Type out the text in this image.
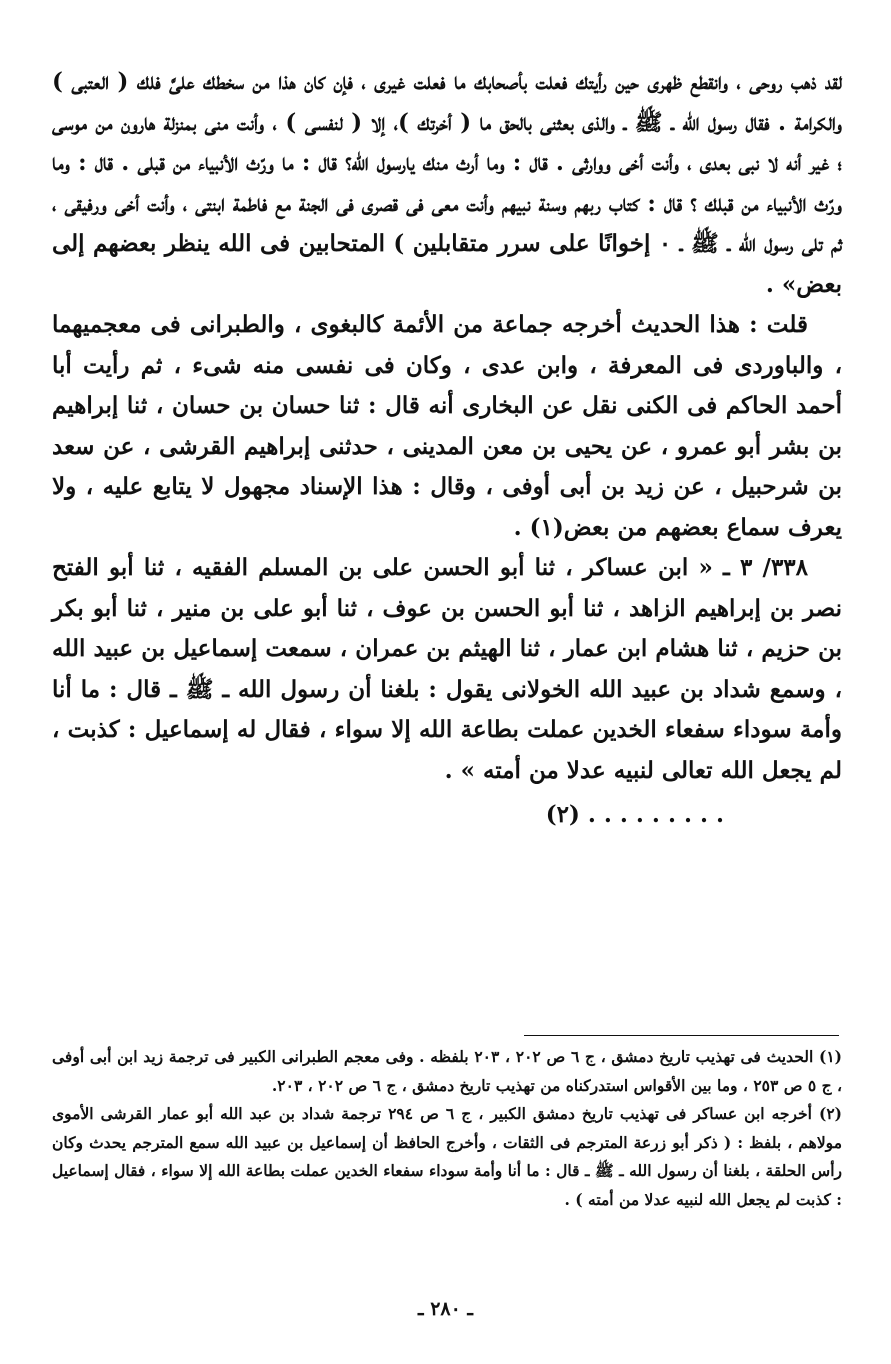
لقد ذهب روحى ، وانقطع ظهرى حين رأيتك فعلت بأصحابك ما فعلت غيرى ، فإن كان هذا من سخطك علىَّ فلك ( العتبى ) والكرامة . فقال رسول الله ـ ﷺ ـ والذى بعثنى بالحق ما ( أخرتك )، إلا ( لنفسى ) ، وأنت منى بمنزلة هارون من موسى ؛ غير أنه لا نبى بعدى ، وأنت أخى ووارثى . قال : وما أرث منك يارسول الله؟ قال : ما ورّث الأنبياء من قبلى . قال : وما ورّث الأنبياء من قبلك ؟ قال : كتاب ربهم وسنة نبيهم وأنت معى فى قصرى فى الجنة مع فاطمة ابنتى ، وأنت أخى ورفيقى ، ثم تلى رسول الله ـ ﷺ ـ ٠ إخوانًا على سرر متقابلين ) المتحابين فى الله ينظر بعضهم إلى بعض» .

قلت : هذا الحديث أخرجه جماعة من الأئمة كالبغوى ، والطبرانى فى معجميهما ، والباوردى فى المعرفة ، وابن عدى ، وكان فى نفسى منه شىء ، ثم رأيت أبا أحمد الحاكم فى الكنى نقل عن البخارى أنه قال : ثنا حسان بن حسان ، ثنا إبراهيم بن بشر أبو عمرو ، عن يحيى بن معن المدينى ، حدثنى إبراهيم القرشى ، عن سعد بن شرحبيل ، عن زيد بن أبى أوفى ، وقال : هذا الإسناد مجهول لا يتابع عليه ، ولا يعرف سماع بعضهم من بعض(١) .

٣٣٨/ ٣ ـ « ابن عساكر ، ثنا أبو الحسن على بن المسلم الفقيه ، ثنا أبو الفتح نصر بن إبراهيم الزاهد ، ثنا أبو الحسن بن عوف ، ثنا أبو على بن منير ، ثنا أبو بكر بن حزيم ، ثنا هشام ابن عمار ، ثنا الهيثم بن عمران ، سمعت إسماعيل بن عبيد الله ، وسمع شداد بن عبيد الله الخولانى يقول : بلغنا أن رسول الله ـ ﷺ ـ قال : ما أنا وأمة سوداء سفعاء الخدين عملت بطاعة الله إلا سواء ، فقال له إسماعيل : كذبت ، لم يجعل الله تعالى لنبيه عدلا من أمته » .

. . . . . . . . . (٢)

(١) الحديث فى تهذيب تاريخ دمشق ، ج ٦ ص ٢٠٢ ، ٢٠٣ بلفظه . وفى معجم الطبرانى الكبير فى ترجمة زيد ابن أبى أوفى ، ج ٥ ص ٢٥٣ ، وما بين الأقواس استدركناه من تهذيب تاريخ دمشق ، ج ٦ ص ٢٠٢ ، ٢٠٣.

(٢) أخرجه ابن عساكر فى تهذيب تاريخ دمشق الكبير ، ج ٦ ص ٢٩٤ ترجمة شداد بن عبد الله أبو عمار القرشى الأموى مولاهم ، بلفظ : ( ذكر أبو زرعة المترجم فى الثقات ، وأخرج الحافظ أن إسماعيل بن عبيد الله سمع المترجم يحدث وكان رأس الحلقة ، بلغنا أن رسول الله ـ ﷺ ـ قال : ما أنا وأمة سوداء سفعاء الخدين عملت بطاعة الله إلا سواء ، فقال إسماعيل : كذبت لم يجعل الله لنبيه عدلا من أمته ) .

ـ ٢٨٠ ـ
